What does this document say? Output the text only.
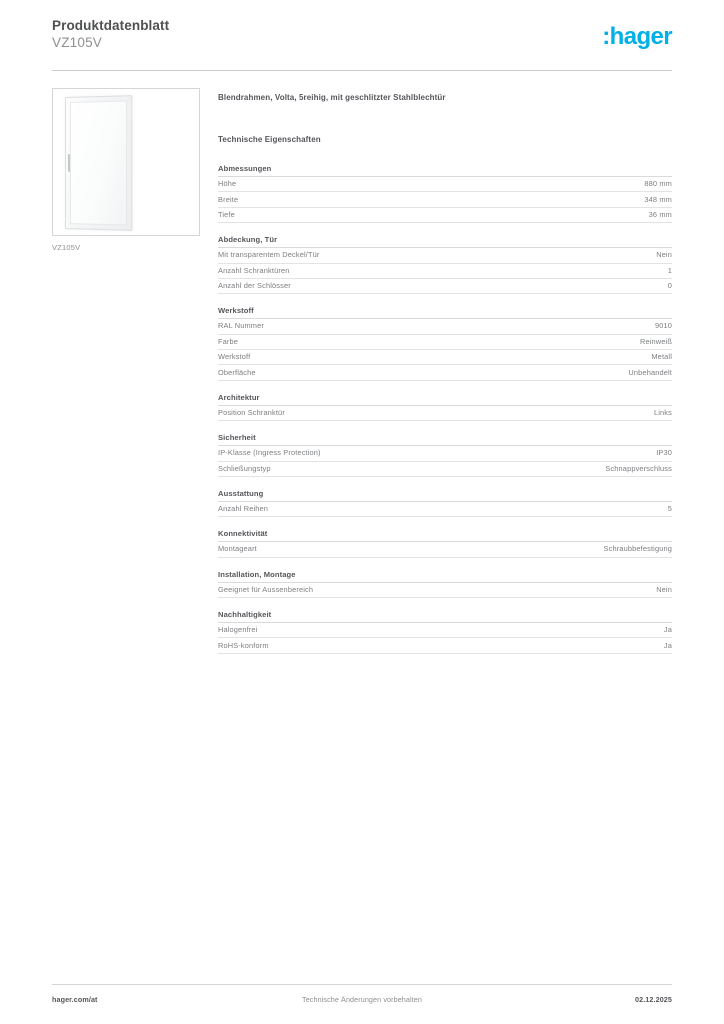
Produktdatenblatt
VZ105V	:hager
VZ105V
Blendrahmen, Volta, 5reihig, mit geschlitzter Stahlblechtür
Technische Eigenschaften
Abmessungen
Höhe	880 mm
Breite	348 mm
Tiefe	36 mm
Abdeckung, Tür
Mit transparentem Deckel/Tür	Nein
Anzahl Schranktüren	1
Anzahl der Schlösser	0
Werkstoff
RAL Nummer	9010
Farbe	Reinweiß
Werkstoff	Metall
Oberfläche	Unbehandelt
Architektur
Position Schranktür	Links
Sicherheit
IP-Klasse (Ingress Protection)	IP30
Schließungstyp	Schnappverschluss
Ausstattung
Anzahl Reihen	5
Konnektivität
Montageart	Schraubbefestigung
Installation, Montage
Geeignet für Aussenbereich	Nein
Nachhaltigkeit
Halogenfrei	Ja
RoHS-konform	Ja
hager.com/at	Technische Änderungen vorbehalten	02.12.2025
